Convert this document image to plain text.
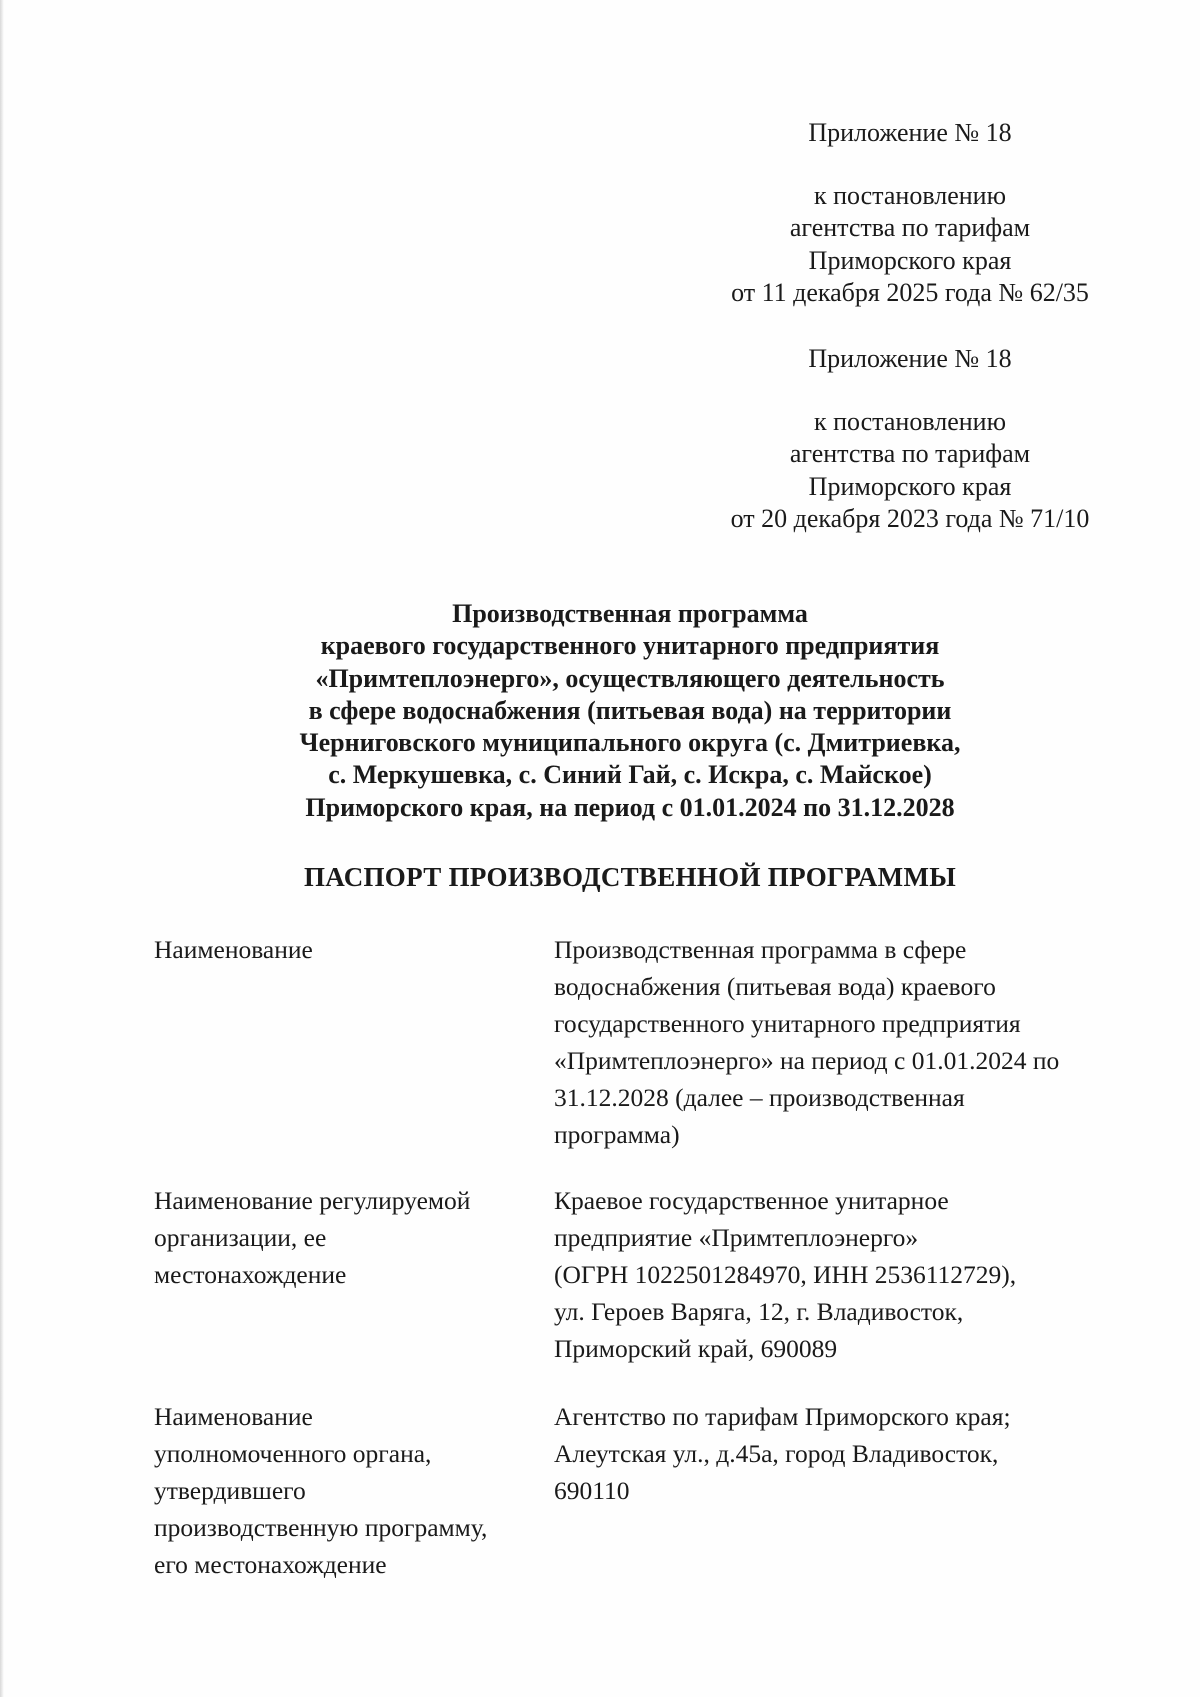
Приложение № 18
к постановлению
агентства по тарифам
Приморского края
от 11 декабря 2025 года № 62/35
Приложение № 18
к постановлению
агентства по тарифам
Приморского края
от 20 декабря 2023 года № 71/10
Производственная программа
краевого государственного унитарного предприятия
«Примтеплоэнерго», осуществляющего деятельность
в сфере водоснабжения (питьевая вода) на территории
Черниговского муниципального округа (с. Дмитриевка,
с. Меркушевка, с. Синий Гай, с. Искра, с. Майское)
Приморского края, на период с 01.01.2024 по 31.12.2028
ПАСПОРТ ПРОИЗВОДСТВЕННОЙ ПРОГРАММЫ
Наименование	Производственная программа в сфере
водоснабжения (питьевая вода) краевого
государственного унитарного предприятия
«Примтеплоэнерго» на период с 01.01.2024 по
31.12.2028 (далее – производственная
программа)
Наименование регулируемой
организации, ее
местонахождение
Краевое государственное унитарное
предприятие «Примтеплоэнерго»
(ОГРН 1022501284970, ИНН 2536112729),
ул. Героев Варяга, 12, г. Владивосток,
Приморский край, 690089
Наименование
уполномоченного органа,
утвердившего
производственную программу,
его местонахождение
Агентство по тарифам Приморского края;
Алеутская ул., д.45а, город Владивосток,
690110
